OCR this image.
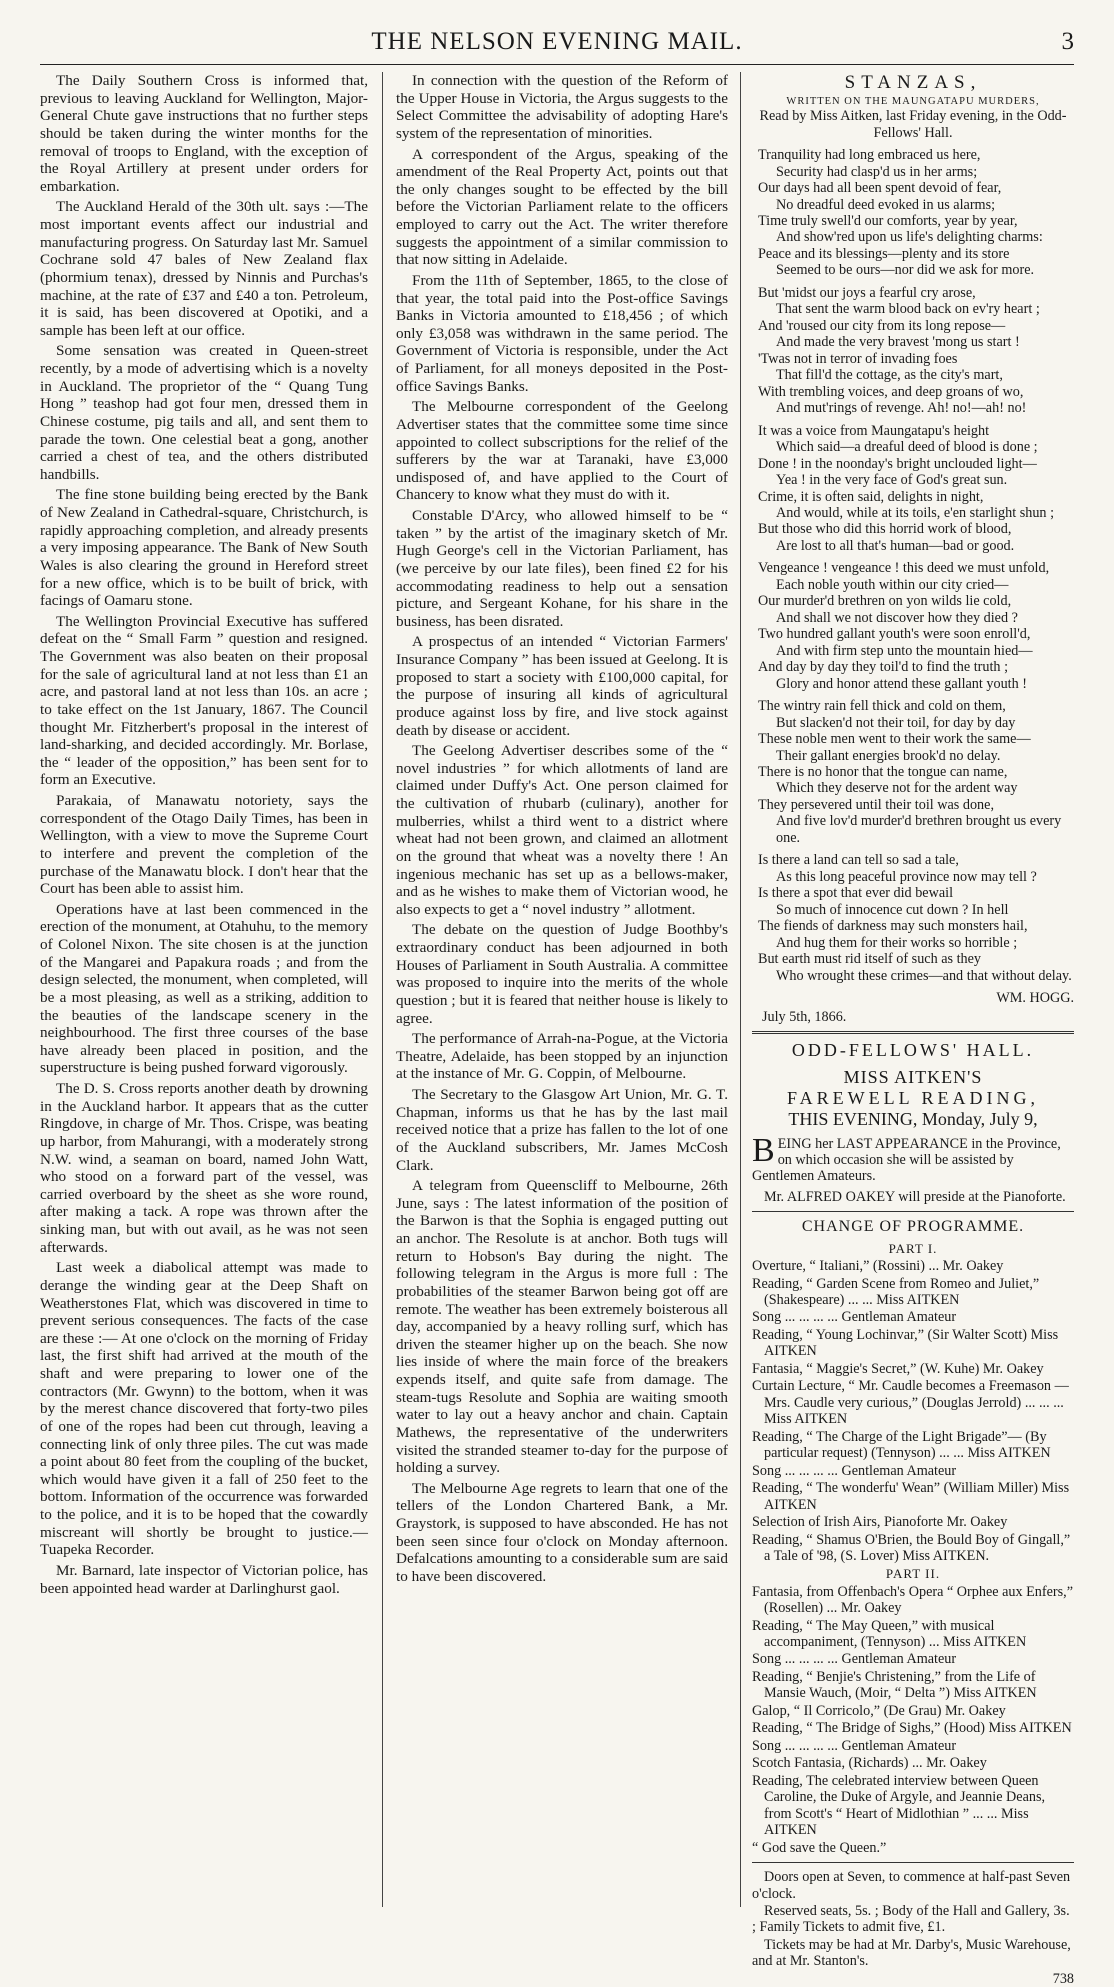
THE NELSON EVENING MAIL.	3

The Daily Southern Cross is informed that, previous to leaving Auckland for Wellington, Major-General Chute gave instructions that no further steps should be taken during the winter months for the removal of troops to England, with the exception of the Royal Artillery at present under orders for embarkation.

The Auckland Herald of the 30th ult. says :—The most important events affect our industrial and manufacturing progress. On Saturday last Mr. Samuel Cochrane sold 47 bales of New Zealand flax (phormium tenax), dressed by Ninnis and Purchas's machine, at the rate of £37 and £40 a ton. Petroleum, it is said, has been discovered at Opotiki, and a sample has been left at our office.

Some sensation was created in Queen-street recently, by a mode of advertising which is a novelty in Auckland. The proprietor of the “ Quang Tung Hong ” teashop had got four men, dressed them in Chinese costume, pig tails and all, and sent them to parade the town. One celestial beat a gong, another carried a chest of tea, and the others distributed handbills.

The fine stone building being erected by the Bank of New Zealand in Cathedral-square, Christchurch, is rapidly approaching completion, and already presents a very imposing appearance. The Bank of New South Wales is also clearing the ground in Hereford street for a new office, which is to be built of brick, with facings of Oamaru stone.

The Wellington Provincial Executive has suffered defeat on the “ Small Farm ” question and resigned. The Government was also beaten on their proposal for the sale of agricultural land at not less than £1 an acre, and pastoral land at not less than 10s. an acre ; to take effect on the 1st January, 1867. The Council thought Mr. Fitzherbert's proposal in the interest of land-sharking, and decided accordingly. Mr. Borlase, the “ leader of the opposition,” has been sent for to form an Executive.

Parakaia, of Manawatu notoriety, says the correspondent of the Otago Daily Times, has been in Wellington, with a view to move the Supreme Court to interfere and prevent the completion of the purchase of the Manawatu block. I don't hear that the Court has been able to assist him.

Operations have at last been commenced in the erection of the monument, at Otahuhu, to the memory of Colonel Nixon. The site chosen is at the junction of the Mangarei and Papakura roads ; and from the design selected, the monument, when completed, will be a most pleasing, as well as a striking, addition to the beauties of the landscape scenery in the neighbourhood. The first three courses of the base have already been placed in position, and the superstructure is being pushed forward vigorously.

The D. S. Cross reports another death by drowning in the Auckland harbor. It appears that as the cutter Ringdove, in charge of Mr. Thos. Crispe, was beating up harbor, from Mahurangi, with a moderately strong N.W. wind, a seaman on board, named John Watt, who stood on a forward part of the vessel, was carried overboard by the sheet as she wore round, after making a tack. A rope was thrown after the sinking man, but with out avail, as he was not seen afterwards.

Last week a diabolical attempt was made to derange the winding gear at the Deep Shaft on Weatherstones Flat, which was discovered in time to prevent serious consequences. The facts of the case are these :— At one o'clock on the morning of Friday last, the first shift had arrived at the mouth of the shaft and were preparing to lower one of the contractors (Mr. Gwynn) to the bottom, when it was by the merest chance discovered that forty-two piles of one of the ropes had been cut through, leaving a connecting link of only three piles. The cut was made a point about 80 feet from the coupling of the bucket, which would have given it a fall of 250 feet to the bottom. Information of the occurrence was forwarded to the police, and it is to be hoped that the cowardly miscreant will shortly be brought to justice.—Tuapeka Recorder.

Mr. Barnard, late inspector of Victorian police, has been appointed head warder at Darlinghurst gaol.

In connection with the question of the Reform of the Upper House in Victoria, the Argus suggests to the Select Committee the advisability of adopting Hare's system of the representation of minorities.

A correspondent of the Argus, speaking of the amendment of the Real Property Act, points out that the only changes sought to be effected by the bill before the Victorian Parliament relate to the officers employed to carry out the Act. The writer therefore suggests the appointment of a similar commission to that now sitting in Adelaide.

From the 11th of September, 1865, to the close of that year, the total paid into the Post-office Savings Banks in Victoria amounted to £18,456 ; of which only £3,058 was withdrawn in the same period. The Government of Victoria is responsible, under the Act of Parliament, for all moneys deposited in the Post-office Savings Banks.

The Melbourne correspondent of the Geelong Advertiser states that the committee some time since appointed to collect subscriptions for the relief of the sufferers by the war at Taranaki, have £3,000 undisposed of, and have applied to the Court of Chancery to know what they must do with it.

Constable D'Arcy, who allowed himself to be “ taken ” by the artist of the imaginary sketch of Mr. Hugh George's cell in the Victorian Parliament, has (we perceive by our late files), been fined £2 for his accommodating readiness to help out a sensation picture, and Sergeant Kohane, for his share in the business, has been disrated.

A prospectus of an intended “ Victorian Farmers' Insurance Company ” has been issued at Geelong. It is proposed to start a society with £100,000 capital, for the purpose of insuring all kinds of agricultural produce against loss by fire, and live stock against death by disease or accident.

The Geelong Advertiser describes some of the “ novel industries ” for which allotments of land are claimed under Duffy's Act. One person claimed for the cultivation of rhubarb (culinary), another for mulberries, whilst a third went to a district where wheat had not been grown, and claimed an allotment on the ground that wheat was a novelty there ! An ingenious mechanic has set up as a bellows-maker, and as he wishes to make them of Victorian wood, he also expects to get a “ novel industry ” allotment.

The debate on the question of Judge Boothby's extraordinary conduct has been adjourned in both Houses of Parliament in South Australia. A committee was proposed to inquire into the merits of the whole question ; but it is feared that neither house is likely to agree.

The performance of Arrah-na-Pogue, at the Victoria Theatre, Adelaide, has been stopped by an injunction at the instance of Mr. G. Coppin, of Melbourne.

The Secretary to the Glasgow Art Union, Mr. G. T. Chapman, informs us that he has by the last mail received notice that a prize has fallen to the lot of one of the Auckland subscribers, Mr. James McCosh Clark.

A telegram from Queenscliff to Melbourne, 26th June, says : The latest information of the position of the Barwon is that the Sophia is engaged putting out an anchor. The Resolute is at anchor. Both tugs will return to Hobson's Bay during the night. The following telegram in the Argus is more full : The probabilities of the steamer Barwon being got off are remote. The weather has been extremely boisterous all day, accompanied by a heavy rolling surf, which has driven the steamer higher up on the beach. She now lies inside of where the main force of the breakers expends itself, and quite safe from damage. The steam-tugs Resolute and Sophia are waiting smooth water to lay out a heavy anchor and chain. Captain Mathews, the representative of the underwriters visited the stranded steamer to-day for the purpose of holding a survey.

The Melbourne Age regrets to learn that one of the tellers of the London Chartered Bank, a Mr. Graystork, is supposed to have absconded. He has not been seen since four o'clock on Monday afternoon. Defalcations amounting to a considerable sum are said to have been discovered.

STANZAS,
WRITTEN ON THE MAUNGATAPU MURDERS,
Read by Miss Aitken, last Friday evening, in the Odd-Fellows' Hall.
Tranquility had long embraced us here,
Security had clasp'd us in her arms;
Our days had all been spent devoid of fear,
No dreadful deed evoked in us alarms;
Time truly swell'd our comforts, year by year,
And show'red upon us life's delighting charms:
Peace and its blessings—plenty and its store
Seemed to be ours—nor did we ask for more.
But 'midst our joys a fearful cry arose,
That sent the warm blood back on ev'ry heart ;
And 'roused our city from its long repose—
And made the very bravest 'mong us start !
'Twas not in terror of invading foes
That fill'd the cottage, as the city's mart,
With trembling voices, and deep groans of wo,
And mut'rings of revenge. Ah! no!—ah! no!
It was a voice from Maungatapu's height
Which said—a dreaful deed of blood is done ;
Done ! in the noonday's bright unclouded light—
Yea ! in the very face of God's great sun.
Crime, it is often said, delights in night,
And would, while at its toils, e'en starlight shun ;
But those who did this horrid work of blood,
Are lost to all that's human—bad or good.
Vengeance ! vengeance ! this deed we must unfold,
Each noble youth within our city cried—
Our murder'd brethren on yon wilds lie cold,
And shall we not discover how they died ?
Two hundred gallant youth's were soon enroll'd,
And with firm step unto the mountain hied—
And day by day they toil'd to find the truth ;
Glory and honor attend these gallant youth !
The wintry rain fell thick and cold on them,
But slacken'd not their toil, for day by day
These noble men went to their work the same—
Their gallant energies brook'd no delay.
There is no honor that the tongue can name,
Which they deserve not for the ardent way
They persevered until their toil was done,
And five lov'd murder'd brethren brought us every one.
Is there a land can tell so sad a tale,
As this long peaceful province now may tell ?
Is there a spot that ever did bewail
So much of innocence cut down ? In hell
The fiends of darkness may such monsters hail,
And hug them for their works so horrible ;
But earth must rid itself of such as they
Who wrought these crimes—and that without delay.
WM. HOGG.
July 5th, 1866.
ODD-FELLOWS' HALL.
MISS AITKEN'S
FAREWELL READING,
THIS EVENING, Monday, July 9,
BEING her LAST APPEARANCE in the Province, on which occasion she will be assisted by Gentlemen Amateurs.
Mr. ALFRED OAKEY will preside at the Pianoforte.
CHANGE OF PROGRAMME.
PART I.
Overture, “ Italiani,” (Rossini) ... Mr. Oakey
Reading, “ Garden Scene from Romeo and Juliet,” (Shakespeare) ... ... Miss AITKEN
Song ... ... ... ... Gentleman Amateur
Reading, “ Young Lochinvar,” (Sir Walter Scott) Miss AITKEN
Fantasia, “ Maggie's Secret,” (W. Kuhe) Mr. Oakey
Curtain Lecture, “ Mr. Caudle becomes a Freemason —Mrs. Caudle very curious,” (Douglas Jerrold) ... ... ... Miss AITKEN
Reading, “ The Charge of the Light Brigade”— (By particular request) (Tennyson) ... ... Miss AITKEN
Song ... ... ... ... Gentleman Amateur
Reading, “ The wonderfu' Wean” (William Miller) Miss AITKEN
Selection of Irish Airs, Pianoforte Mr. Oakey
Reading, “ Shamus O'Brien, the Bould Boy of Gingall,” a Tale of '98, (S. Lover) Miss AITKEN.
PART II.
Fantasia, from Offenbach's Opera “ Orphee aux Enfers,” (Rosellen) ... Mr. Oakey
Reading, “ The May Queen,” with musical accompaniment, (Tennyson) ... Miss AITKEN
Song ... ... ... ... Gentleman Amateur
Reading, “ Benjie's Christening,” from the Life of Mansie Wauch, (Moir, “ Delta ”) Miss AITKEN
Galop, “ Il Corricolo,” (De Grau) Mr. Oakey
Reading, “ The Bridge of Sighs,” (Hood) Miss AITKEN
Song ... ... ... ... Gentleman Amateur
Scotch Fantasia, (Richards) ... Mr. Oakey
Reading, The celebrated interview between Queen Caroline, the Duke of Argyle, and Jeannie Deans, from Scott's “ Heart of Midlothian ” ... ... Miss AITKEN
“ God save the Queen.”
Doors open at Seven, to commence at half-past Seven o'clock.
Reserved seats, 5s. ; Body of the Hall and Gallery, 3s. ; Family Tickets to admit five, £1.
Tickets may be had at Mr. Darby's, Music Warehouse, and at Mr. Stanton's.
738
